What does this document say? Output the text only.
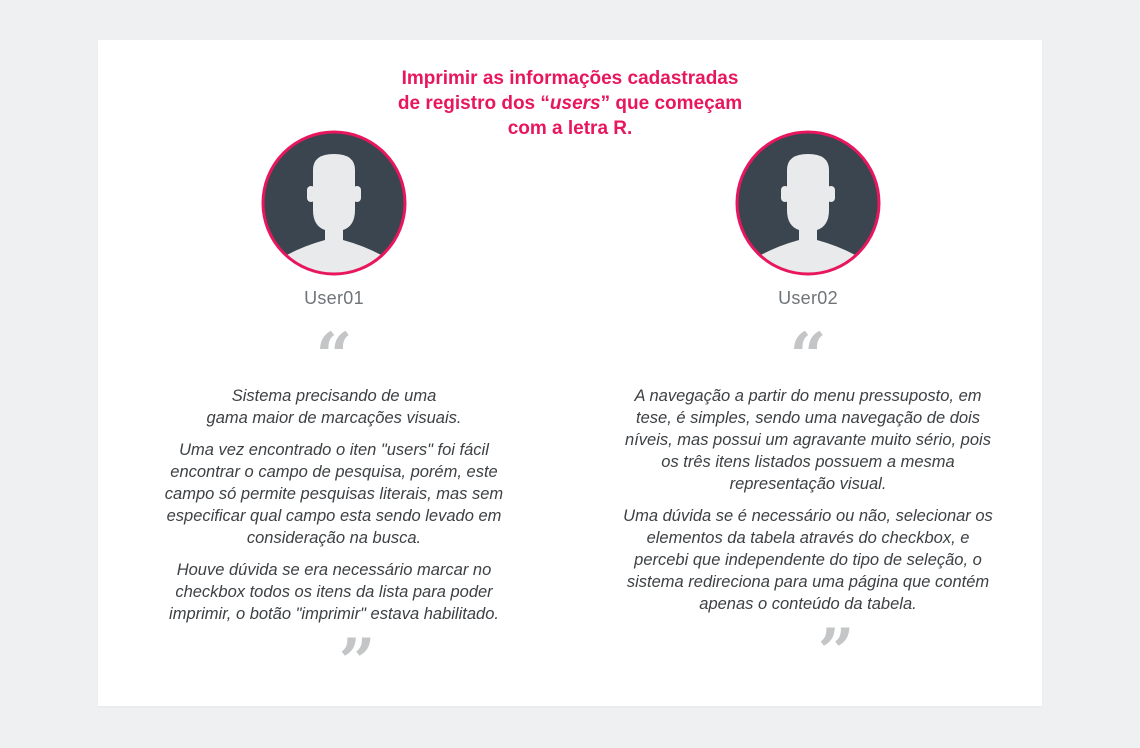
Imprimir as informações cadastradas
de registro dos “users” que começam
com a letra R.
User01
“

Sistema precisando de uma
gama maior de marcações visuais.

Uma vez encontrado o iten "users" foi fácil
encontrar o campo de pesquisa, porém, este
campo só permite pesquisas literais, mas sem
especificar qual campo esta sendo levado em
consideração na busca.

Houve dúvida se era necessário marcar no
checkbox todos os itens da lista para poder
imprimir, o botão "imprimir" estava habilitado.

”
User02
“

A navegação a partir do menu pressuposto, em
tese, é simples, sendo uma navegação de dois
níveis, mas possui um agravante muito sério, pois
os três itens listados possuem a mesma
representação visual.

Uma dúvida se é necessário ou não, selecionar os
elementos da tabela através do checkbox, e
percebi que independente do tipo de seleção, o
sistema redireciona para uma página que contém
apenas o conteúdo da tabela.

”
